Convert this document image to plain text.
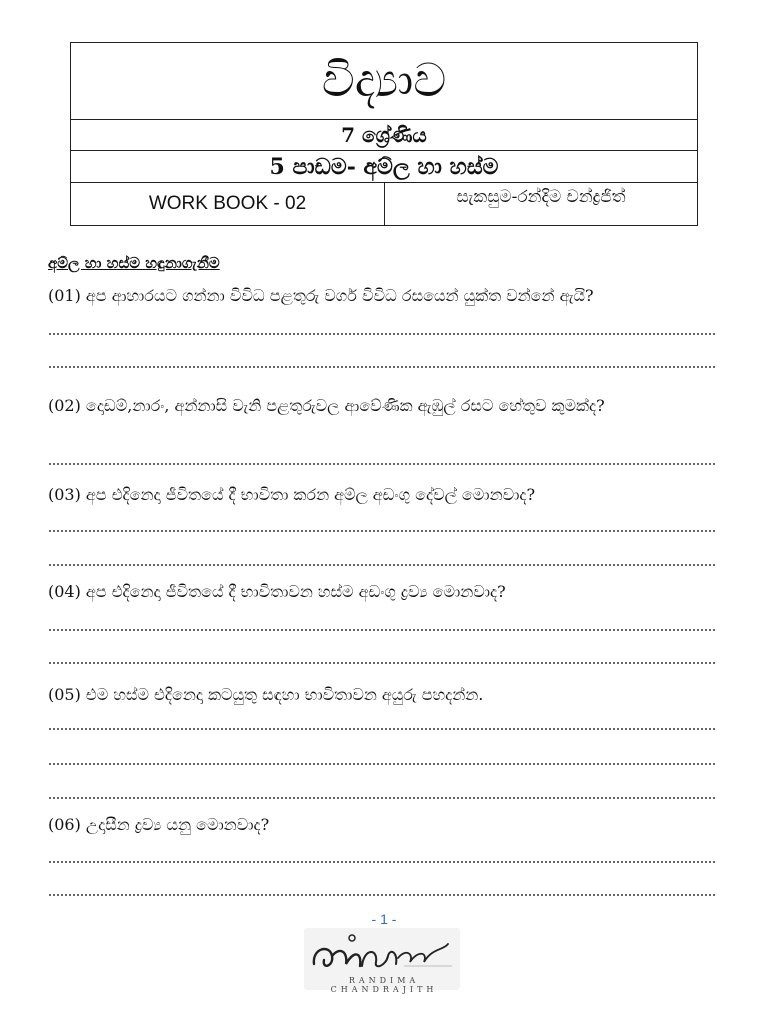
විද්‍යාව
7 ශ්‍රේණිය
5 පාඩම- අම්ල හා හස්ම
WORK BOOK - 02	සැකසුම-රන්දිම චන්ද්‍රජිත්
අම්ල හා හස්ම හඳුනාගැනීම
(01) අප ආහාරයට ගන්නා විවිධ පළතුරු වර්ග විවිධ රසයෙන් යුක්ත වන්නේ ඇයි?
(02) දොඩම්,නාරං, අන්නාසි වැනි පළතුරුවල ආවේණික ඇඹුල් රසට හේතුව කුමක්ද?
(03) අප එදිනෙදා ජීවිතයේ දී භාවිතා කරන අම්ල අඩංගු දේවල් මොනවාද?
(04) අප එදිනෙදා ජීවිතයේ දී භාවිතාවන හස්ම අඩංගු ද්‍රව්‍ය මොනවාද?
(05) එම හස්ම එදිනෙදා කටයුතු සඳහා භාවිතාවන අයුරු පහදන්න.
(06) උදාසීන ද්‍රව්‍ය යනු මොනවාද?
- 1 -
RANDIMA CHANDRAJITH
